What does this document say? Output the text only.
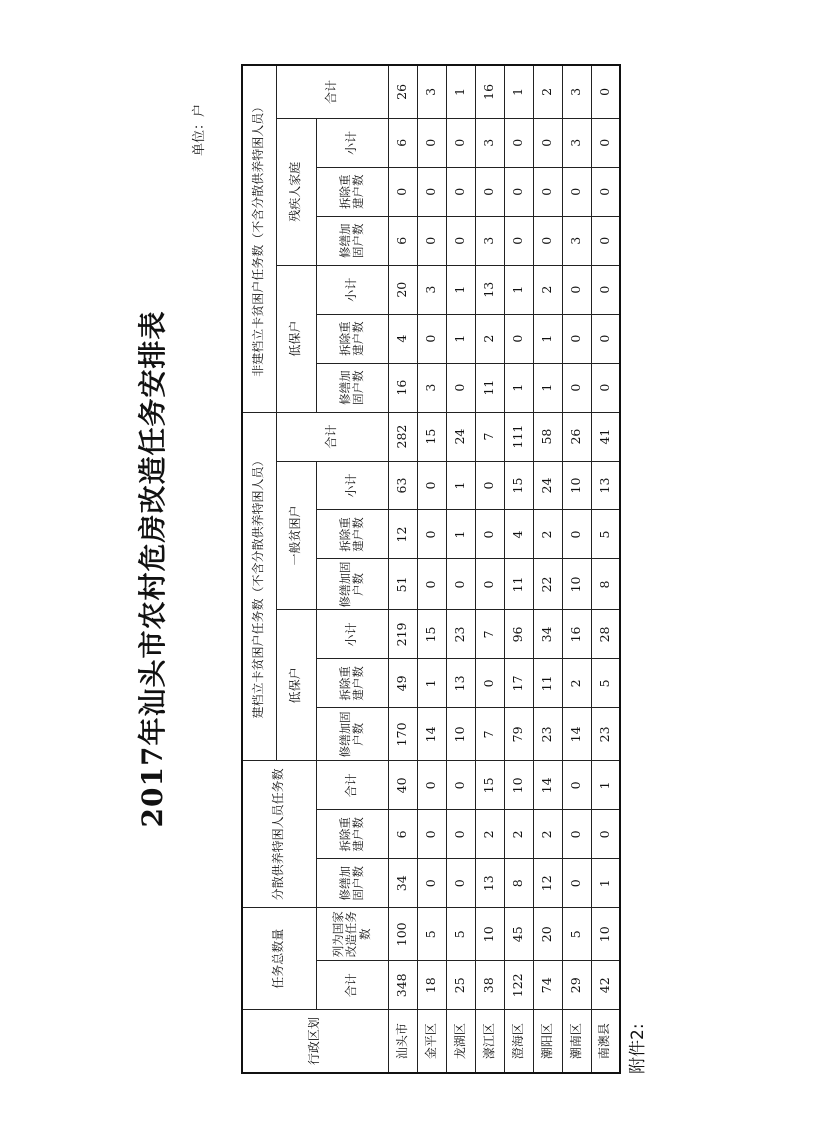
附件2:
2017年汕头市农村危房改造任务安排表
单位：户
行政区划	任务总数量		分散供养特困人员任务数			建档立卡贫困户任务数（不含分散供养特困人员）							非建档立卡贫困户任务数（不含分散供养特困人员）						
						低保户			一般贫困户			合计	低保户			残疾人家庭			合计
	合计	列为国家改造任务数	修缮加固户数	拆除重建户数	合计	修缮加固户数	拆除重建户数	小计	修缮加固户数	拆除重建户数	小计		修缮加固户数	拆除重建户数	小计	修缮加固户数	拆除重建户数	小计	
汕头市	348	100	34	6	40	170	49	219	51	12	63	282	16	4	20	6	0	6	26
金平区	18	5	0	0	0	14	1	15	0	0	0	15	3	0	3	0	0	0	3
龙湖区	25	5	0	0	0	10	13	23	0	1	1	24	0	1	1	0	0	0	1
濠江区	38	10	13	2	15	7	0	7	0	0	0	7	11	2	13	3	0	3	16
澄海区	122	45	8	2	10	79	17	96	11	4	15	111	1	0	1	0	0	0	1
潮阳区	74	20	12	2	14	23	11	34	22	2	24	58	1	1	2	0	0	0	2
潮南区	29	5	0	0	0	14	2	16	10	0	10	26	0	0	0	3	0	3	3
南澳县	42	10	1	0	1	23	5	28	8	5	13	41	0	0	0	0	0	0	0
